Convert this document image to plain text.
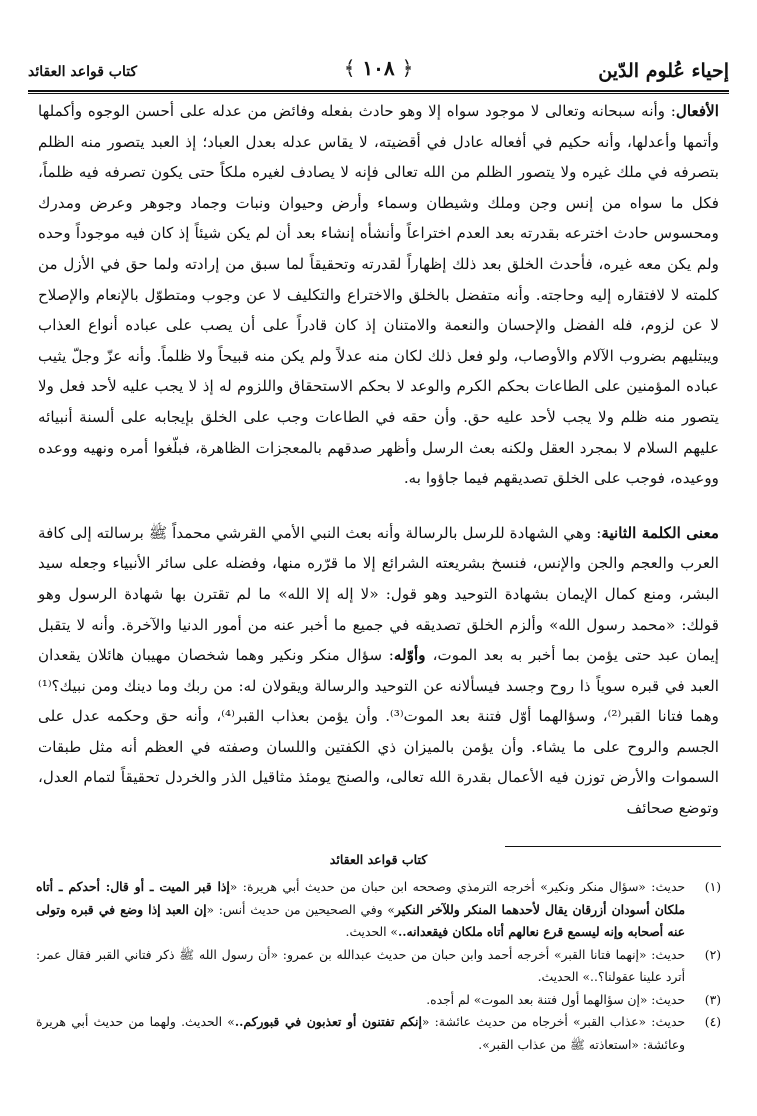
إحياء عُلوم الدّين
﴿ ١٠٨ ﴾
كتاب قواعد العقائد

الأفعال: وأنه سبحانه وتعالى لا موجود سواه إلا وهو حادث بفعله وفائض من عدله على أحسن الوجوه وأكملها وأتمها وأعدلها، وأنه حكيم في أفعاله عادل في أقضيته، لا يقاس عدله بعدل العباد؛ إذ العبد يتصور منه الظلم بتصرفه في ملك غيره ولا يتصور الظلم من الله تعالى فإنه لا يصادف لغيره ملكاً حتى يكون تصرفه فيه ظلماً، فكل ما سواه من إنس وجن وملك وشيطان وسماء وأرض وحيوان ونبات وجماد وجوهر وعرض ومدرك ومحسوس حادث اخترعه بقدرته بعد العدم اختراعاً وأنشأه إنشاء بعد أن لم يكن شيئاً إذ كان فيه موجوداً وحده ولم يكن معه غيره، فأحدث الخلق بعد ذلك إظهاراً لقدرته وتحقيقاً لما سبق من إرادته ولما حق في الأزل من كلمته لا لافتقاره إليه وحاجته. وأنه متفضل بالخلق والاختراع والتكليف لا عن وجوب ومتطوّل بالإنعام والإصلاح لا عن لزوم، فله الفضل والإحسان والنعمة والامتنان إذ كان قادراً على أن يصب على عباده أنواع العذاب ويبتليهم بضروب الآلام والأوصاب، ولو فعل ذلك لكان منه عدلاً ولم يكن منه قبيحاً ولا ظلماً. وأنه عزّ وجلّ يثيب عباده المؤمنين على الطاعات بحكم الكرم والوعد لا بحكم الاستحقاق واللزوم له إذ لا يجب عليه لأحد فعل ولا يتصور منه ظلم ولا يجب لأحد عليه حق. وأن حقه في الطاعات وجب على الخلق بإيجابه على ألسنة أنبيائه عليهم السلام لا بمجرد العقل ولكنه بعث الرسل وأظهر صدقهم بالمعجزات الظاهرة، فبلّغوا أمره ونهيه ووعده ووعيده، فوجب على الخلق تصديقهم فيما جاؤوا به.

معنى الكلمة الثانية: وهي الشهادة للرسل بالرسالة وأنه بعث النبي الأمي القرشي محمداً ﷺ برسالته إلى كافة العرب والعجم والجن والإنس، فنسخ بشريعته الشرائع إلا ما قرّره منها، وفضله على سائر الأنبياء وجعله سيد البشر، ومنع كمال الإيمان بشهادة التوحيد وهو قول: «لا إله إلا الله» ما لم تقترن بها شهادة الرسول وهو قولك: «محمد رسول الله» وألزم الخلق تصديقه في جميع ما أخبر عنه من أمور الدنيا والآخرة. وأنه لا يتقبل إيمان عبد حتى يؤمن بما أخبر به بعد الموت، وأوّله: سؤال منكر ونكير وهما شخصان مهيبان هائلان يقعدان العبد في قبره سوياً ذا روح وجسد فيسألانه عن التوحيد والرسالة ويقولان له: من ربك وما دينك ومن نبيك؟⁽¹⁾ وهما فتانا القبر⁽²⁾، وسؤالهما أوّل فتنة بعد الموت⁽³⁾. وأن يؤمن بعذاب القبر⁽⁴⁾، وأنه حق وحكمه عدل على الجسم والروح على ما يشاء. وأن يؤمن بالميزان ذي الكفتين واللسان وصفته في العظم أنه مثل طبقات السموات والأرض توزن فيه الأعمال بقدرة الله تعالى، والصنج يومئذ مثاقيل الذر والخردل تحقيقاً لتمام العدل، وتوضع صحائف

كتاب قواعد العقائد
(١)
حديث: «سؤال منكر ونكير» أخرجه الترمذي وصححه ابن حبان من حديث أبي هريرة: «إذا قبر الميت ـ أو قال: أحدكم ـ أتاه ملكان أسودان أزرقان يقال لأحدهما المنكر وللآخر النكير» وفي الصحيحين من حديث أنس: «إن العبد إذا وضع في قبره وتولى عنه أصحابه وإنه ليسمع قرع نعالهم أتاه ملكان فيقعدانه..» الحديث.
(٢)
حديث: «إنهما فتانا القبر» أخرجه أحمد وابن حبان من حديث عبدالله بن عمرو: «أن رسول الله ﷺ ذكر فتاني القبر فقال عمر: أترد علينا عقولنا؟..» الحديث.
(٣)
حديث: «إن سؤالهما أول فتنة بعد الموت» لم أجده.
(٤)
حديث: «عذاب القبر» أخرجاه من حديث عائشة: «إنكم تفتنون أو تعذبون في قبوركم..» الحديث. ولهما من حديث أبي هريرة وعائشة: «استعاذته ﷺ من عذاب القبر».
